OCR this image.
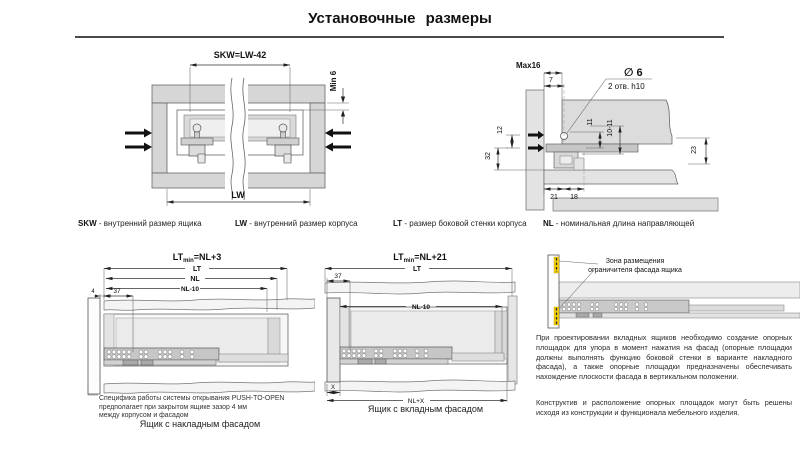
Установочные размеры
SKW=LW-42
Min 6
LW
Max16
7
∅ 6
2 отв. h10
12
32
11 10-11
23
21 18
SKW - внутренний размер ящика	LW - внутренний размер корпуса	LT - размер боковой стенки корпуса NL - номинальная длина направляющей
$LT_{min}=NL+3$
LT
NL
NL-10
4	37
Специфика работы системы открывания PUSH-TO-OPEN
предполагает при закрытом ящике зазор 4 мм
между корпусом и фасадом
Ящик с накладным фасадом
$LT_{min}=NL+21$
LT
37
NL-10
X
NL+X
Ящик с вкладным фасадом
Зона размещения
ограничителя фасада ящика
При проектировании вкладных ящиков необходимо создание опорных площадок для упора в момент нажатия на фасад (опорные площадки должны выполнять функцию боковой стенки в варианте накладного фасада), а также опорные площадки предназначены обеспечивать нахождение плоскости фасада в вертикальном положении.
Конструктив и расположение опорных площадок могут быть решены исходя из конструкции и функционала мебельного изделия.
